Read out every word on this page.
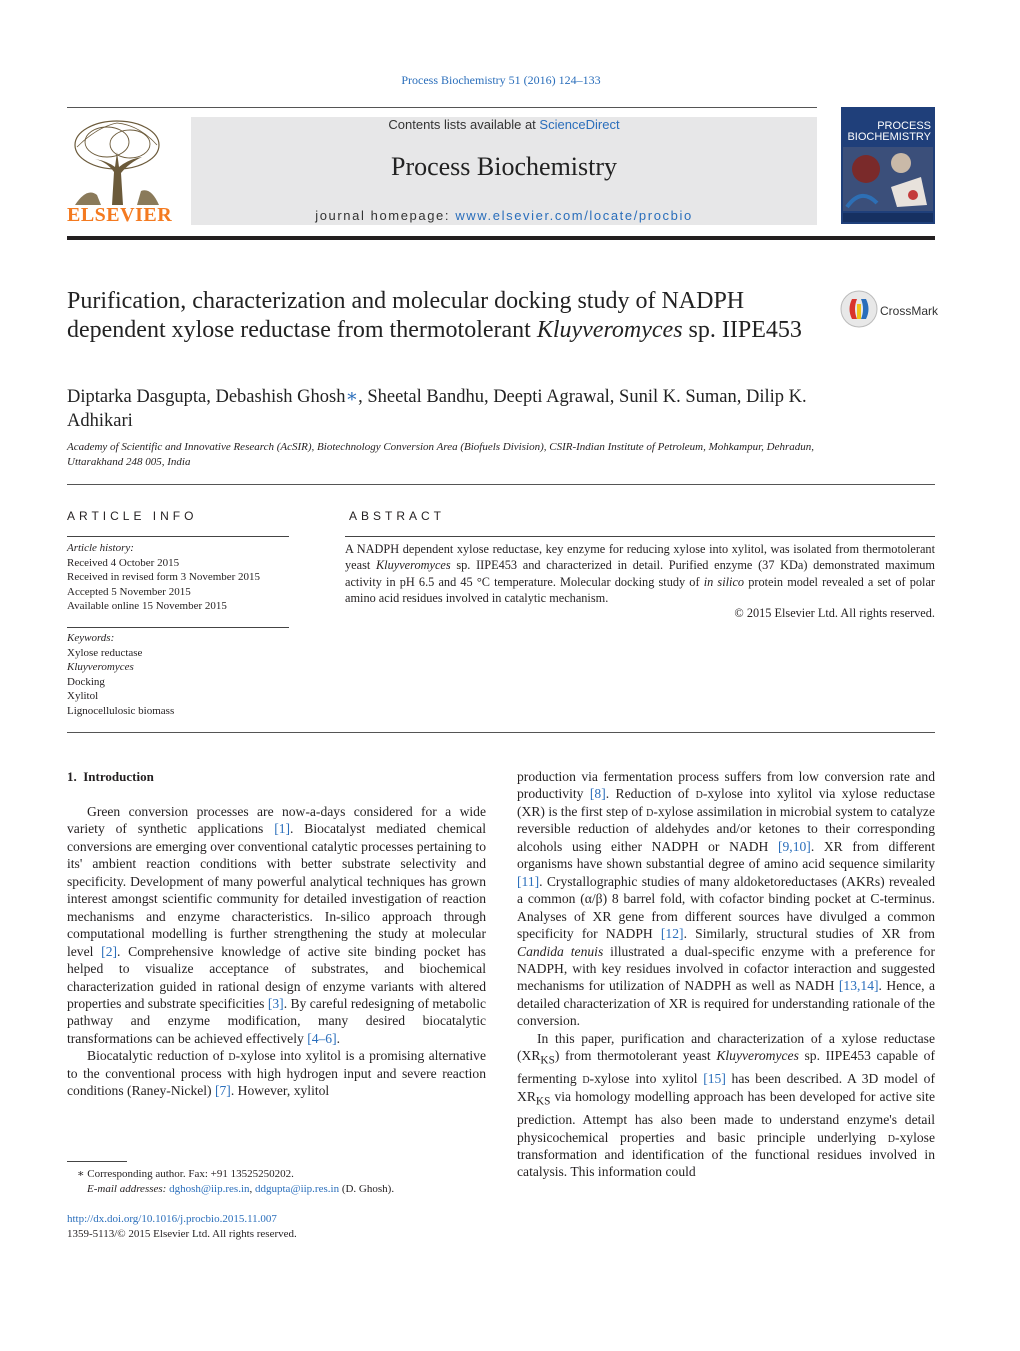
Process Biochemistry 51 (2016) 124–133
ELSEVIER
Contents lists available at ScienceDirect
Process Biochemistry
journal homepage: www.elsevier.com/locate/procbio
PROCESS
BIOCHEMISTRY
Purification, characterization and molecular docking study of NADPH dependent xylose reductase from thermotolerant Kluyveromyces sp. IIPE453
CrossMark
Diptarka Dasgupta, Debashish Ghosh∗, Sheetal Bandhu, Deepti Agrawal, Sunil K. Suman, Dilip K. Adhikari
Academy of Scientific and Innovative Research (AcSIR), Biotechnology Conversion Area (Biofuels Division), CSIR-Indian Institute of Petroleum, Mohkampur, Dehradun, Uttarakhand 248 005, India
ARTICLE INFO
Article history:
Received 4 October 2015
Received in revised form 3 November 2015
Accepted 5 November 2015
Available online 15 November 2015
Keywords:
Xylose reductase
Kluyveromyces
Docking
Xylitol
Lignocellulosic biomass
ABSTRACT
A NADPH dependent xylose reductase, key enzyme for reducing xylose into xylitol, was isolated from thermotolerant yeast Kluyveromyces sp. IIPE453 and characterized in detail. Purified enzyme (37 KDa) demonstrated maximum activity in pH 6.5 and 45 °C temperature. Molecular docking study of in silico protein model revealed a set of polar amino acid residues involved in catalytic mechanism.
© 2015 Elsevier Ltd. All rights reserved.
1.  Introduction

Green conversion processes are now-a-days considered for a wide variety of synthetic applications [1]. Biocatalyst mediated chemical conversions are emerging over conventional catalytic processes pertaining to its' ambient reaction conditions with better substrate selectivity and specificity. Development of many powerful analytical techniques has grown interest amongst scientific community for detailed investigation of reaction mechanisms and enzyme characteristics. In-silico approach through computational modelling is further strengthening the study at molecular level [2]. Comprehensive knowledge of active site binding pocket has helped to visualize acceptance of substrates, and biochemical characterization guided in rational design of enzyme variants with altered properties and substrate specificities [3]. By careful redesigning of metabolic pathway and enzyme modification, many desired biocatalytic transformations can be achieved effectively [4–6].

Biocatalytic reduction of d-xylose into xylitol is a promising alternative to the conventional process with high hydrogen input and severe reaction conditions (Raney-Nickel) [7]. However, xylitol

production via fermentation process suffers from low conversion rate and productivity [8]. Reduction of d-xylose into xylitol via xylose reductase (XR) is the first step of d-xylose assimilation in microbial system to catalyze reversible reduction of aldehydes and/or ketones to their corresponding alcohols using either NADPH or NADH [9,10]. XR from different organisms have shown substantial degree of amino acid sequence similarity [11]. Crystallographic studies of many aldoketoreductases (AKRs) revealed a common (α/β) 8 barrel fold, with cofactor binding pocket at C-terminus. Analyses of XR gene from different sources have divulged a common specificity for NADPH [12]. Similarly, structural studies of XR from Candida tenuis illustrated a dual-specific enzyme with a preference for NADPH, with key residues involved in cofactor interaction and suggested mechanisms for utilization of NADPH as well as NADH [13,14]. Hence, a detailed characterization of XR is required for understanding rationale of the conversion.

In this paper, purification and characterization of a xylose reductase $(XR_{KS})$ from thermotolerant yeast Kluyveromyces sp. IIPE453 capable of fermenting d-xylose into xylitol [15] has been described. A 3D model of $XR_{KS}$ via homology modelling approach has been developed for active site prediction. Attempt has also been made to understand enzyme's detail physicochemical properties and basic principle underlying d-xylose transformation and identification of the functional residues involved in catalysis. This information could

∗ Corresponding author. Fax: +91 13525250202.
E-mail addresses: dghosh@iip.res.in, ddgupta@iip.res.in (D. Ghosh).
http://dx.doi.org/10.1016/j.procbio.2015.11.007
1359-5113/© 2015 Elsevier Ltd. All rights reserved.
